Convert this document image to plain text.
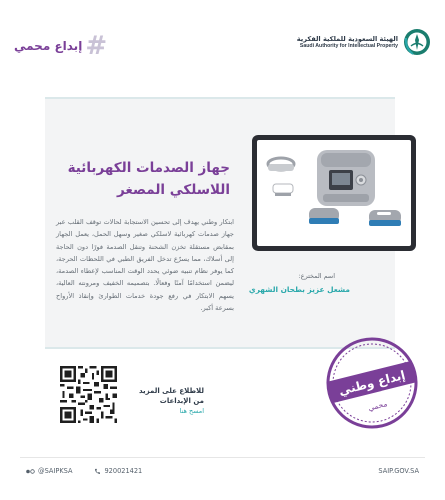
#
إبداع محمي	الهيئة السعودية للملكية الفكرية
Saudi Authority for Intellectual Property
جهاز الصدمات الكهربائية
اللاسلكي المصغر
ابتكار وطني يهدف إلى تحسين الاستجابة لحالات توقف القلب عبر جهاز صدمات كهربائية لاسلكي صغير وسهل الحمل، يعمل الجهاز بمقابض مستقلة تخزن الشحنة وتنقل الصدمة فورًا دون الحاجة إلى أسلاك، مما يسرّع تدخل الفريق الطبي في اللحظات الحرجة، كما يوفر نظام تنبيه ضوئي يحدد الوقت المناسب لإعطاء الصدمة، ليضمن استخدامًا آمنًا وفعالًا. بتصميمه الخفيف ومرونته العالية، يسهم الابتكار في رفع جودة خدمات الطوارئ وإنقاذ الأرواح بسرعة أكبر.
اسم المخترع:
مشعل عزيز بطحان الشهري
للاطلاع على المزيد
من الإبداعات
امسح هنا
إبداع وطني
محمي
@SAIPKSA	920021421	SAIP.GOV.SA
